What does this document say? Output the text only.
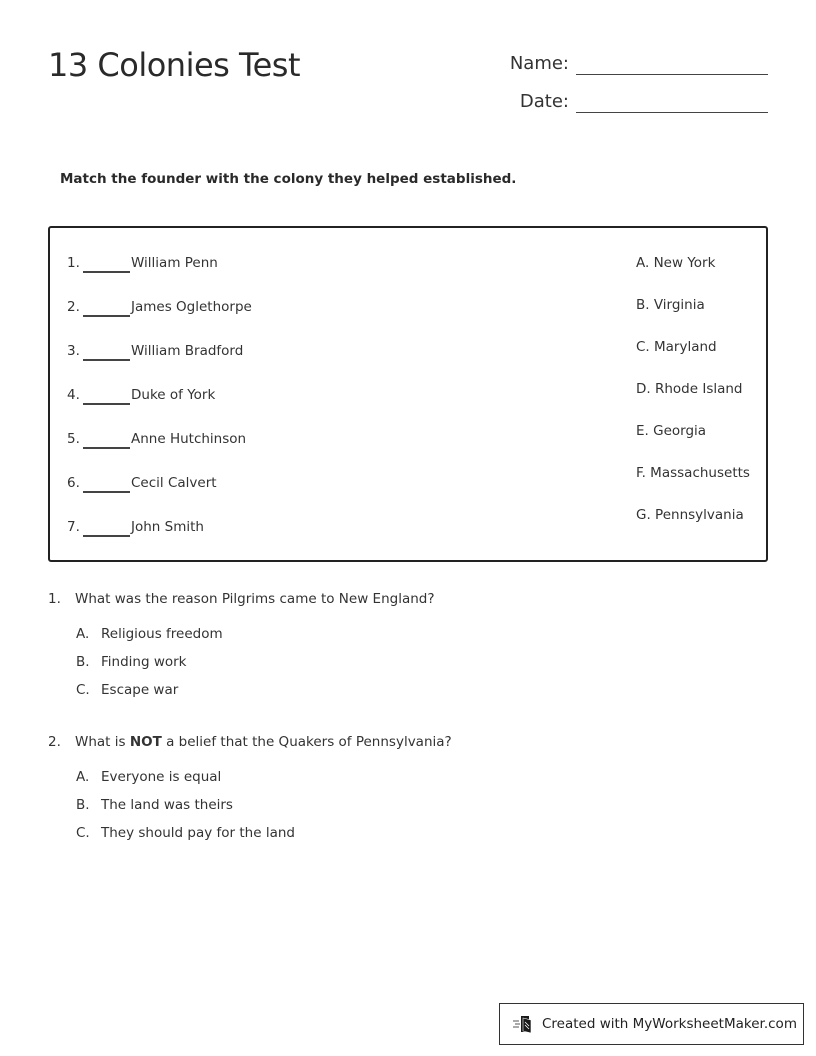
13 Colonies Test	Name:
Date:
Match the founder with the colony they helped established.
1.	William Penn
2.	James Oglethorpe
3.	William Bradford
4.	Duke of York
5.	Anne Hutchinson
6.	Cecil Calvert
7.	John Smith
A. New York
B. Virginia
C. Maryland
D. Rhode Island
E. Georgia
F. Massachusetts
G. Pennsylvania
1.	What was the reason Pilgrims came to New England?
A. Religious freedom
B. Finding work
C. Escape war
2.	What is NOT a belief that the Quakers of Pennsylvania?
A. Everyone is equal
B. The land was theirs
C. They should pay for the land
Created with MyWorksheetMaker.com
